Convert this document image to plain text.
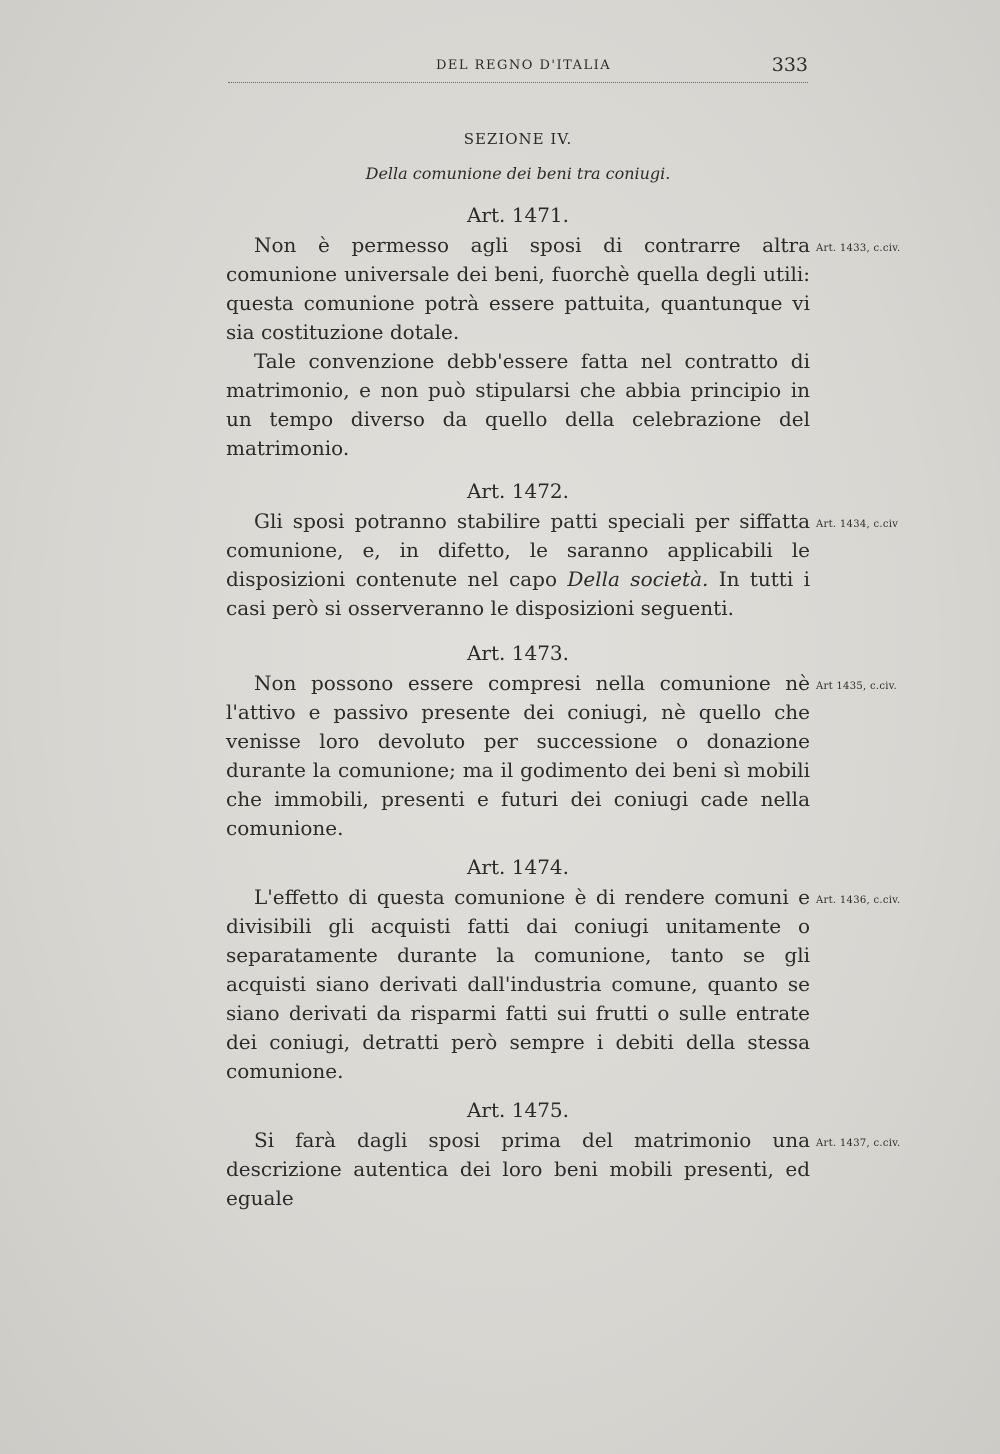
DEL REGNO D'ITALIA	333
SEZIONE IV.
Della comunione dei beni tra coniugi.
Art. 1471.
Art. 1433, c.civ.

Non è permesso agli sposi di contrarre altra comunione universale dei beni, fuorchè quella degli utili: questa comunione potrà essere pattuita, quantunque vi sia costituzione dotale.

Tale convenzione debb'essere fatta nel contratto di matrimonio, e non può stipularsi che abbia principio in un tempo diverso da quello della celebrazione del matrimonio.

Art. 1472.
Art. 1434, c.civ

Gli sposi potranno stabilire patti speciali per siffatta comunione, e, in difetto, le saranno applicabili le disposizioni contenute nel capo Della società. In tutti i casi però si osserveranno le disposizioni seguenti.

Art. 1473.
Art 1435, c.civ.

Non possono essere compresi nella comunione nè l'attivo e passivo presente dei coniugi, nè quello che venisse loro devoluto per successione o donazione durante la comunione; ma il godimento dei beni sì mobili che immobili, presenti e futuri dei coniugi cade nella comunione.

Art. 1474.
Art. 1436, c.civ.

L'effetto di questa comunione è di rendere comuni e divisibili gli acquisti fatti dai coniugi unitamente o separatamente durante la comunione, tanto se gli acquisti siano derivati dall'industria comune, quanto se siano derivati da risparmi fatti sui frutti o sulle entrate dei coniugi, detratti però sempre i debiti della stessa comunione.

Art. 1475.
Art. 1437, c.civ.

Si farà dagli sposi prima del matrimonio una descrizione autentica dei loro beni mobili presenti, ed eguale
